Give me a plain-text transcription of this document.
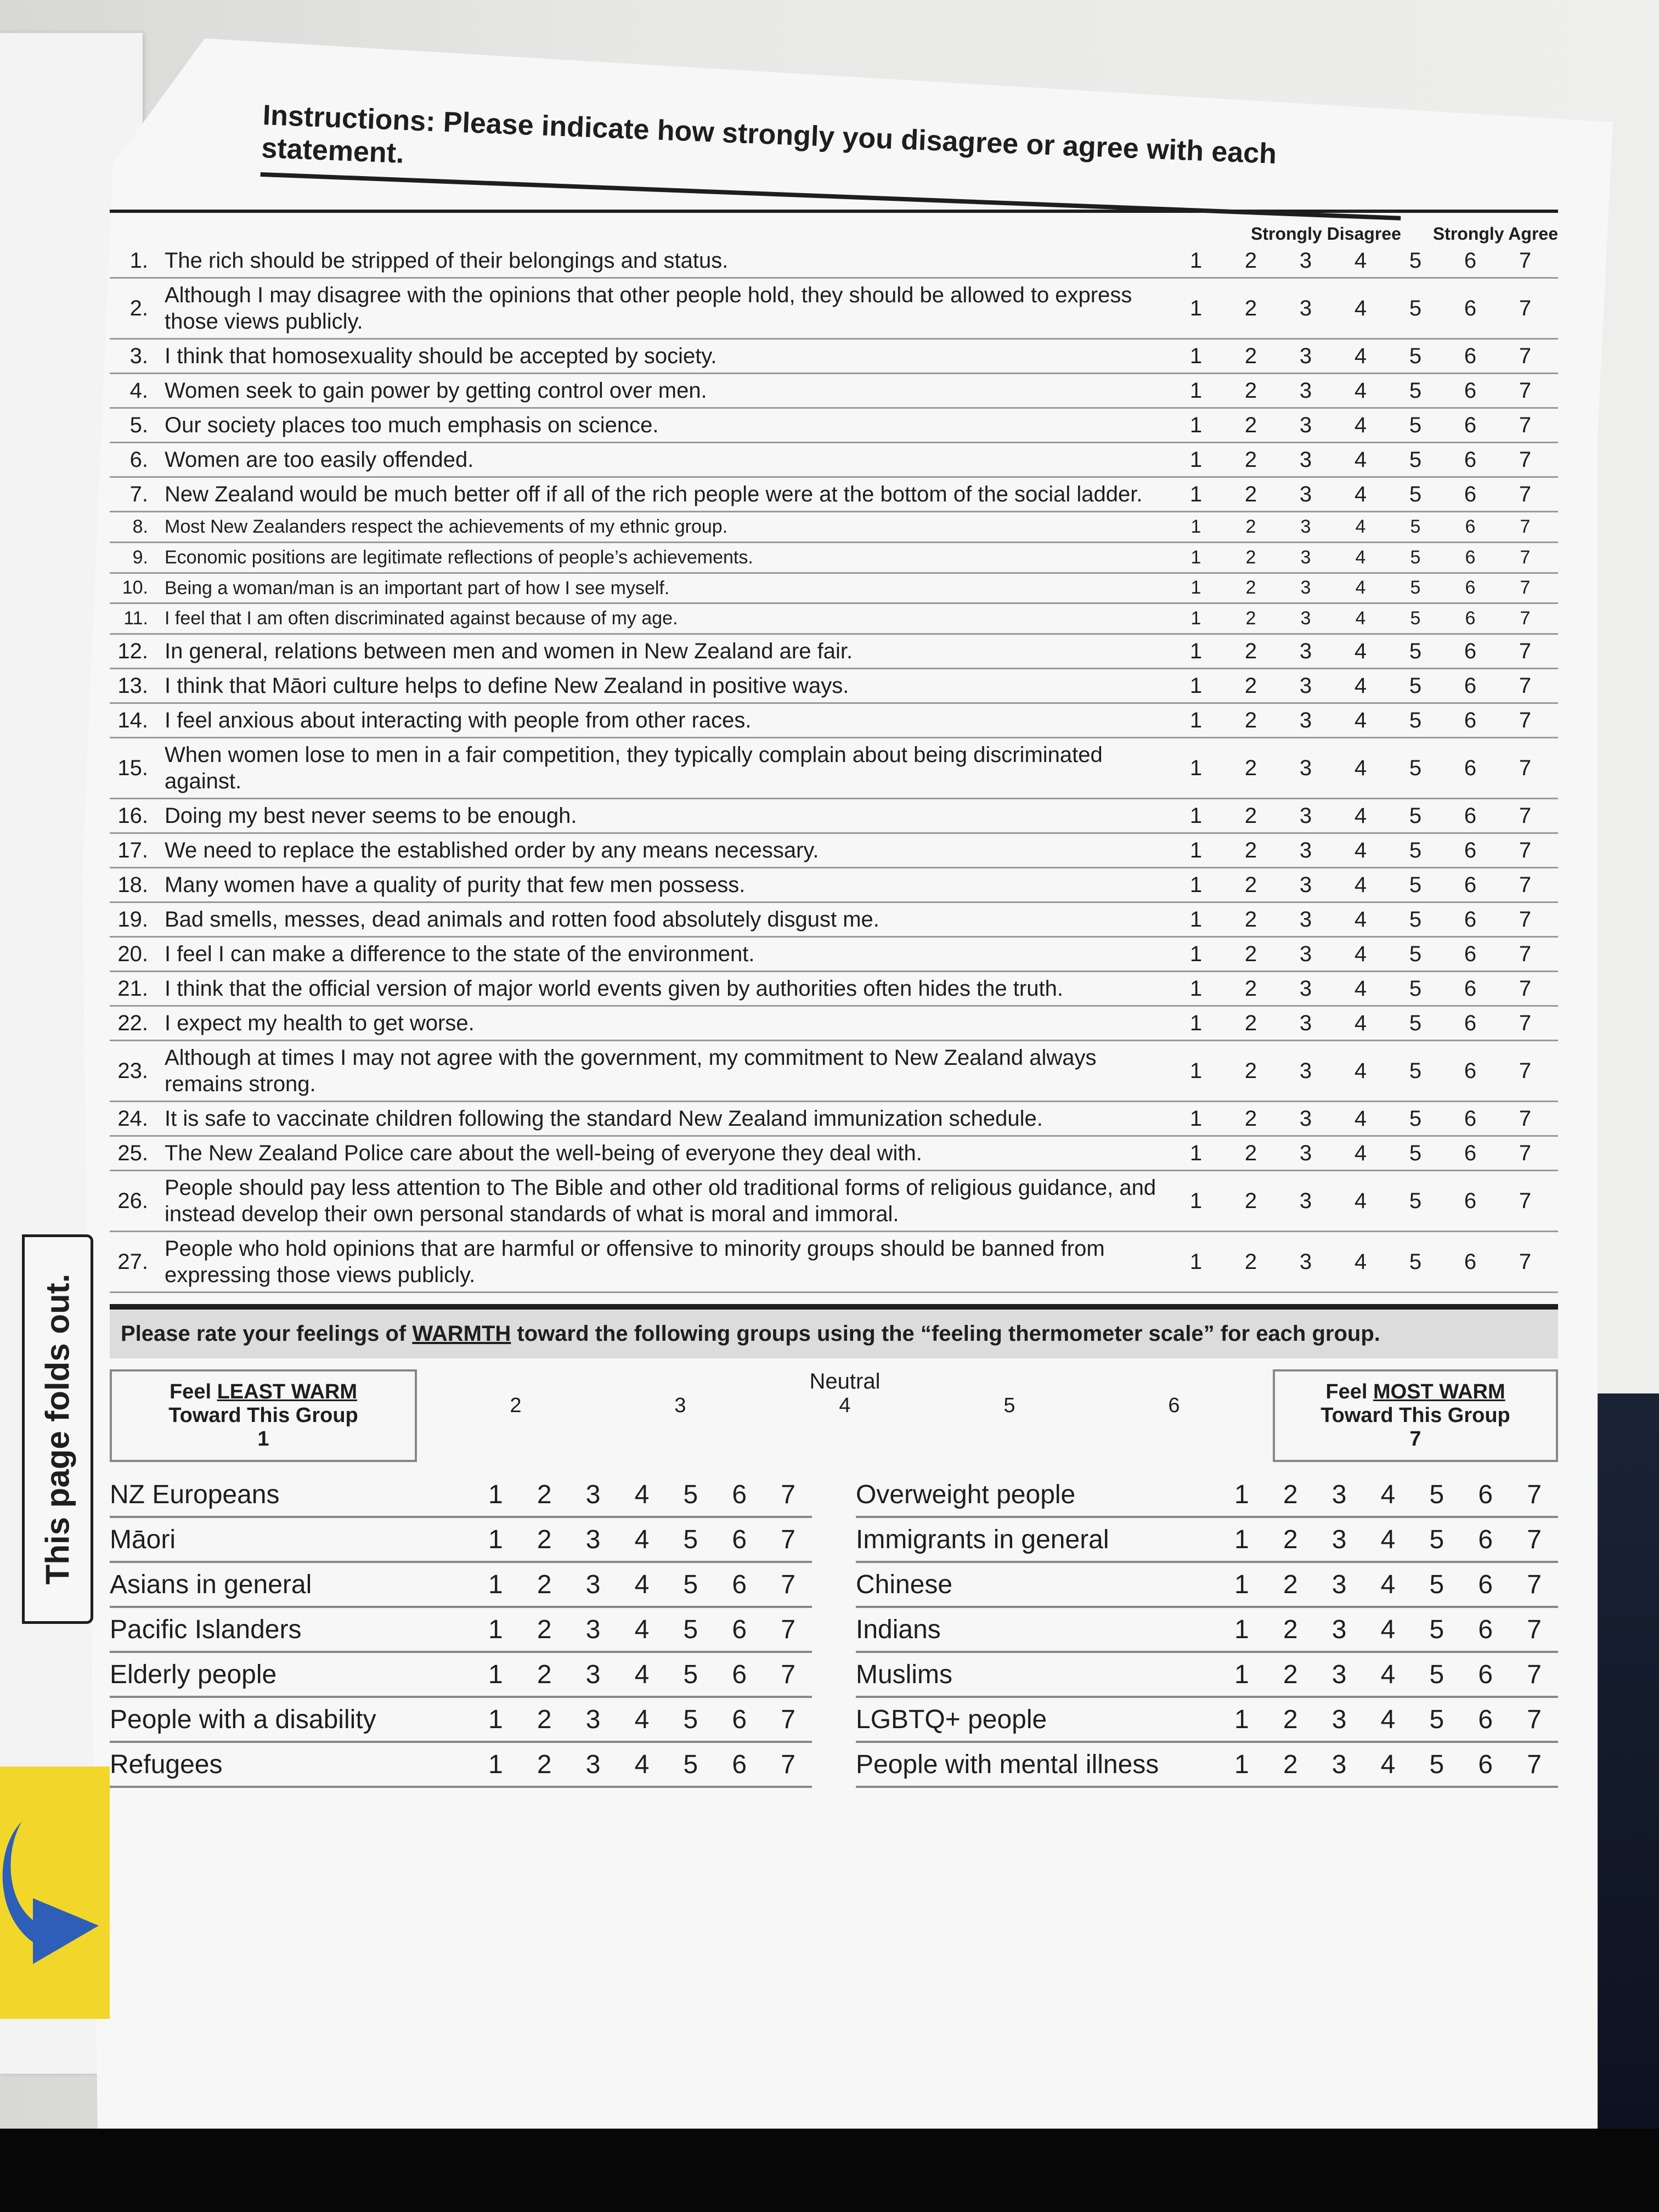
Instructions: Please indicate how strongly you disagree or agree with each statement.
Strongly Disagree Strongly Agree
1. The rich should be stripped of their belongings and status.	1 2 3 4 5 6 7
2.
Although I may disagree with the opinions that other people hold, they should be allowed to express those views publicly.
1 2 3 4 5 6 7
3. I think that homosexuality should be accepted by society.	1 2 3 4 5 6 7
4. Women seek to gain power by getting control over men.	1 2 3 4 5 6 7
5. Our society places too much emphasis on science.	1 2 3 4 5 6 7
6. Women are too easily offended.	1 2 3 4 5 6 7
7. New Zealand would be much better off if all of the rich people were at the bottom of the social ladder.	1 2 3 4 5 6 7
8. Most New Zealanders respect the achievements of my ethnic group.	1	2	3	4	5	6	7
9. Economic positions are legitimate reflections of people’s achievements.	1	2	3	4	5	6	7
10. Being a woman/man is an important part of how I see myself.	1	2	3	4	5	6	7
11. I feel that I am often discriminated against because of my age.	1	2	3	4	5	6	7
12. In general, relations between men and women in New Zealand are fair.	1 2 3 4 5 6 7
13. I think that Māori culture helps to define New Zealand in positive ways.	1 2 3 4 5 6 7
14. I feel anxious about interacting with people from other races.	1 2 3 4 5 6 7
15.
When women lose to men in a fair competition, they typically complain about being discriminated against.
1 2 3 4 5 6 7
16. Doing my best never seems to be enough.	1 2 3 4 5 6 7
17. We need to replace the established order by any means necessary.	1 2 3 4 5 6 7
18. Many women have a quality of purity that few men possess.	1 2 3 4 5 6 7
19. Bad smells, messes, dead animals and rotten food absolutely disgust me.	1 2 3 4 5 6 7
20. I feel I can make a difference to the state of the environment.	1 2 3 4 5 6 7
21. I think that the official version of major world events given by authorities often hides the truth.	1 2 3 4 5 6 7
22. I expect my health to get worse.	1 2 3 4 5 6 7
23.
Although at times I may not agree with the government, my commitment to New Zealand always remains strong.
1 2 3 4 5 6 7
24. It is safe to vaccinate children following the standard New Zealand immunization schedule.	1 2 3 4 5 6 7
25. The New Zealand Police care about the well-being of everyone they deal with.	1 2 3 4 5 6 7
26.
People should pay less attention to The Bible and other old traditional forms of religious guidance, and instead develop their own personal standards of what is moral and immoral.
1 2 3 4 5 6 7
27.
People who hold opinions that are harmful or offensive to minority groups should be banned from expressing those views publicly.
1 2 3 4 5 6 7
Please rate your feelings of WARMTH toward the following groups using the “feeling thermometer scale” for each group.
Feel LEAST WARM
Toward This Group
1
Neutral
2	3	4	5	6
Feel MOST WARM
Toward This Group
7
NZ Europeans	1 2 3 4 5 6 7
Māori	1 2 3 4 5 6 7
Asians in general	1 2 3 4 5 6 7
Pacific Islanders	1 2 3 4 5 6 7
Elderly people	1 2 3 4 5 6 7
People with a disability	1 2 3 4 5 6 7
Refugees	1 2 3 4 5 6 7
Overweight people	1 2 3 4 5 6 7
Immigrants in general	1 2 3 4 5 6 7
Chinese	1 2 3 4 5 6 7
Indians	1 2 3 4 5 6 7
Muslims	1 2 3 4 5 6 7
LGBTQ+ people	1 2 3 4 5 6 7
People with mental illness	1 2 3 4 5 6 7
This page folds out.
